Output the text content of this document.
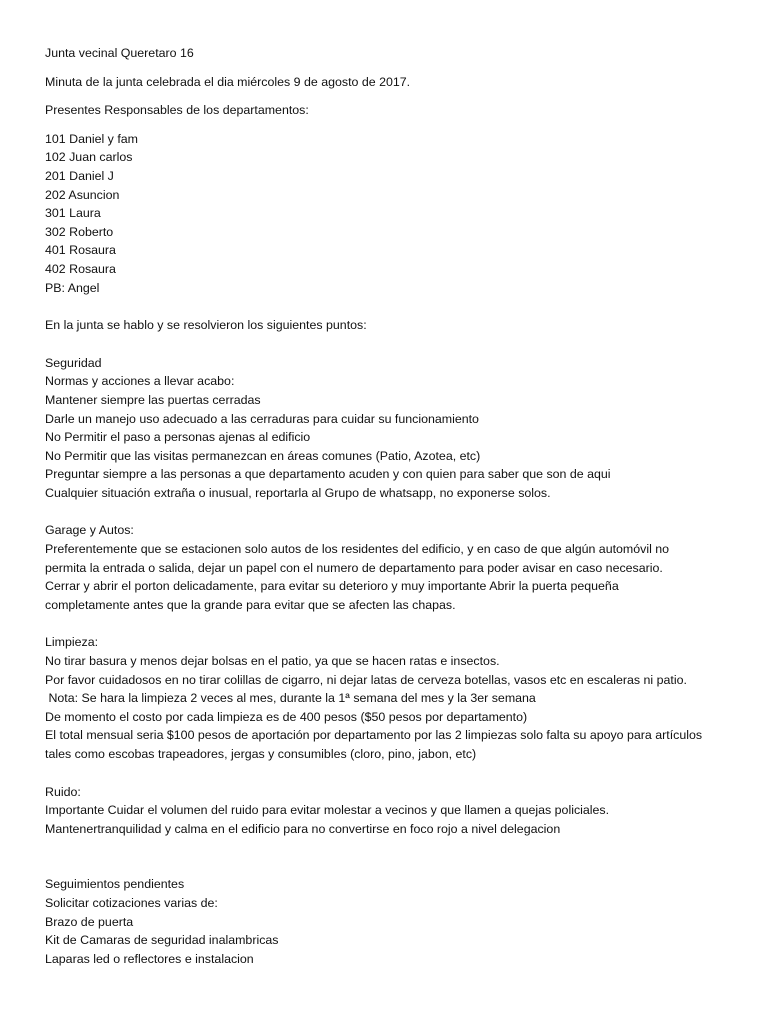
Junta vecinal Queretaro 16
Minuta de la junta celebrada el dia miércoles 9 de agosto de 2017.
Presentes Responsables de los departamentos:
101 Daniel y fam
102 Juan carlos
201 Daniel J
202 Asuncion
301 Laura
302 Roberto
401 Rosaura
402 Rosaura
PB: Angel
En la junta se hablo y se resolvieron los siguientes puntos:
Seguridad
Normas y acciones a llevar acabo:
Mantener siempre las puertas cerradas
Darle un manejo uso adecuado a las cerraduras para cuidar su funcionamiento
No Permitir el paso a personas ajenas al edificio
No Permitir que las visitas permanezcan en áreas comunes (Patio, Azotea, etc)
Preguntar siempre a las personas a que departamento acuden y con quien para saber que son de aqui
Cualquier situación extraña o inusual, reportarla al Grupo de whatsapp, no exponerse solos.
Garage y Autos:
Preferentemente que se estacionen solo autos de los residentes del edificio, y en caso de que algún automóvil no
permita la entrada o salida, dejar un papel con el numero de departamento para poder avisar en caso necesario.
Cerrar y abrir el porton delicadamente, para evitar su deterioro y muy importante Abrir la puerta pequeña
completamente antes que la grande para evitar que se afecten las chapas.
Limpieza:
No tirar basura y menos dejar bolsas en el patio, ya que se hacen ratas e insectos.
Por favor cuidadosos en no tirar colillas de cigarro, ni dejar latas de cerveza botellas, vasos etc en escaleras ni patio.
Nota: Se hara la limpieza 2 veces al mes, durante la 1ª semana del mes y la 3er semana
De momento el costo por cada limpieza es de 400 pesos ($50 pesos por departamento)
El total mensual seria $100 pesos de aportación por departamento por las 2 limpiezas solo falta su apoyo para artículos
tales como escobas trapeadores, jergas y consumibles (cloro, pino, jabon, etc)
Ruido:
Importante Cuidar el volumen del ruido para evitar molestar a vecinos y que llamen a quejas policiales.
Mantenertranquilidad y calma en el edificio para no convertirse en foco rojo a nivel delegacion
Seguimientos pendientes
Solicitar cotizaciones varias de:
Brazo de puerta
Kit de Camaras de seguridad inalambricas
Laparas led o reflectores e instalacion
